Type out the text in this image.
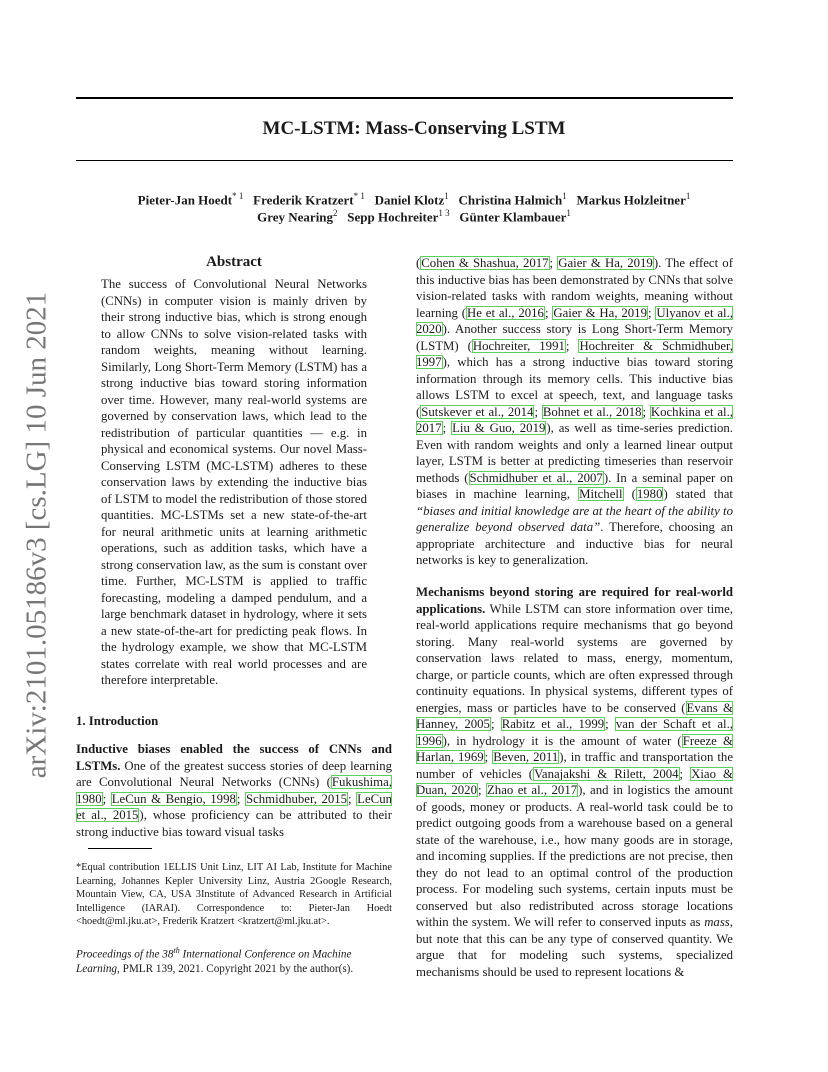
MC-LSTM: Mass-Conserving LSTM
Pieter-Jan Hoedt$^{* 1}$ Frederik Kratzert$^{* 1}$ Daniel Klotz$^1$ Christina Halmich$^1$ Markus Holzleitner$^1$
Grey Nearing$^2$ Sepp Hochreiter$^{1 3}$ Günter Klambauer$^1$
arXiv:2101.05186v3 [cs.LG] 10 Jun 2021
Abstract

The success of Convolutional Neural Networks (CNNs) in computer vision is mainly driven by their strong inductive bias, which is strong enough to allow CNNs to solve vision-related tasks with random weights, meaning without learning. Similarly, Long Short-Term Memory (LSTM) has a strong inductive bias toward storing information over time. However, many real-world systems are governed by conservation laws, which lead to the redistribution of particular quantities — e.g. in physical and economical systems. Our novel Mass-Conserving LSTM (MC-LSTM) adheres to these conservation laws by extending the inductive bias of LSTM to model the redistribution of those stored quantities. MC-LSTMs set a new state-of-the-art for neural arithmetic units at learning arithmetic operations, such as addition tasks, which have a strong conservation law, as the sum is constant over time. Further, MC-LSTM is applied to traffic forecasting, modeling a damped pendulum, and a large benchmark dataset in hydrology, where it sets a new state-of-the-art for predicting peak flows. In the hydrology example, we show that MC-LSTM states correlate with real world processes and are therefore interpretable.

1. Introduction

Inductive biases enabled the success of CNNs and LSTMs. One of the greatest success stories of deep learning are Convolutional Neural Networks (CNNs) (Fukushima, 1980; LeCun & Bengio, 1998; Schmidhuber, 2015; LeCun et al., 2015), whose proficiency can be attributed to their strong inductive bias toward visual tasks

*Equal contribution 1ELLIS Unit Linz, LIT AI Lab, Institute for Machine Learning, Johannes Kepler University Linz, Austria 2Google Research, Mountain View, CA, USA 3Institute of Advanced Research in Artificial Intelligence (IARAI). Correspondence to: Pieter-Jan Hoedt <hoedt@ml.jku.at>, Frederik Kratzert <kratzert@ml.jku.at>.

Proceedings of the 38th International Conference on Machine Learning, PMLR 139, 2021. Copyright 2021 by the author(s).

(Cohen & Shashua, 2017; Gaier & Ha, 2019). The effect of this inductive bias has been demonstrated by CNNs that solve vision-related tasks with random weights, meaning without learning (He et al., 2016; Gaier & Ha, 2019; Ulyanov et al., 2020). Another success story is Long Short-Term Memory (LSTM) (Hochreiter, 1991; Hochreiter & Schmidhuber, 1997), which has a strong inductive bias toward storing information through its memory cells. This inductive bias allows LSTM to excel at speech, text, and language tasks (Sutskever et al., 2014; Bohnet et al., 2018; Kochkina et al., 2017; Liu & Guo, 2019), as well as time-series prediction. Even with random weights and only a learned linear output layer, LSTM is better at predicting timeseries than reservoir methods (Schmidhuber et al., 2007). In a seminal paper on biases in machine learning, Mitchell (1980) stated that “biases and initial knowledge are at the heart of the ability to generalize beyond observed data”. Therefore, choosing an appropriate architecture and inductive bias for neural networks is key to generalization.

Mechanisms beyond storing are required for real-world applications. While LSTM can store information over time, real-world applications require mechanisms that go beyond storing. Many real-world systems are governed by conservation laws related to mass, energy, momentum, charge, or particle counts, which are often expressed through continuity equations. In physical systems, different types of energies, mass or particles have to be conserved (Evans & Hanney, 2005; Rabitz et al., 1999; van der Schaft et al., 1996), in hydrology it is the amount of water (Freeze & Harlan, 1969; Beven, 2011), in traffic and transportation the number of vehicles (Vanajakshi & Rilett, 2004; Xiao & Duan, 2020; Zhao et al., 2017), and in logistics the amount of goods, money or products. A real-world task could be to predict outgoing goods from a warehouse based on a general state of the warehouse, i.e., how many goods are in storage, and incoming supplies. If the predictions are not precise, then they do not lead to an optimal control of the production process. For modeling such systems, certain inputs must be conserved but also redistributed across storage locations within the system. We will refer to conserved inputs as mass, but note that this can be any type of conserved quantity. We argue that for modeling such systems, specialized mechanisms should be used to represent locations &
